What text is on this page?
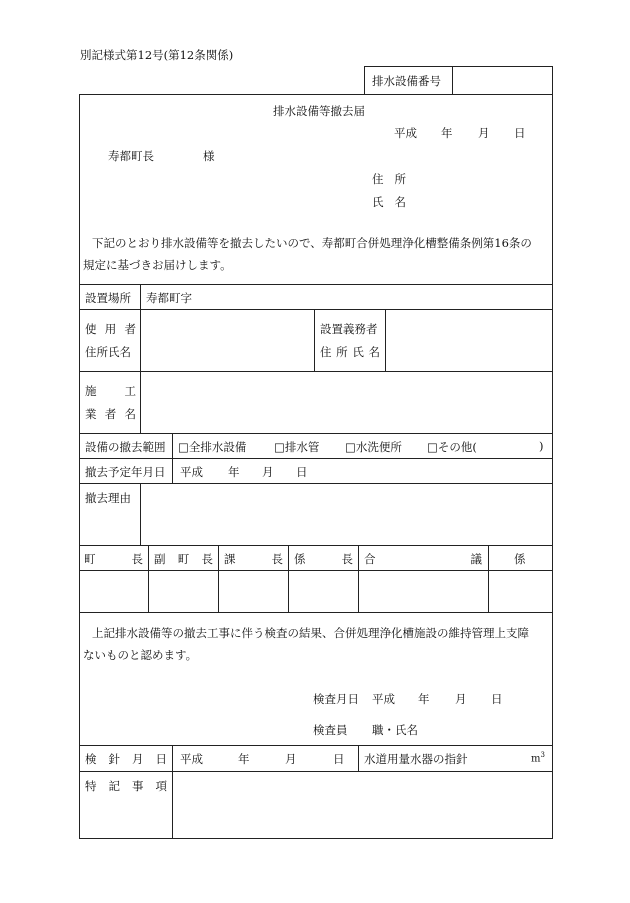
別記様式第12号(第12条関係)
排水設備番号
排水設備等撤去届
平成 年 月 日
寿都町長	様
住 所
氏 名
下記のとおり排水設備等を撤去したいので、寿都町合併処理浄化槽整備条例第16条の
規定に基づきお届けします。
設置場所 寿都町字
使 用 者
住所氏名
設置義務者
住 所 氏 名
施 工
業 者 名
設備の撤去範囲 □全排水設備 □排水管 □水洗便所 □その他(	)
撤去予定年月日 平成 年 月 日
撤去理由
町	長 副 町 長 課	長 係	長 合	議	係
上記排水設備等の撤去工事に伴う検査の結果、合併処理浄化槽施設の維持管理上支障
ないものと認めます。
検査月日 平成 年 月 日
検査員 職・氏名
検 針 月 日 平成	年	月	日 水道用量水器の指針	$m^3$
特 記 事 項
